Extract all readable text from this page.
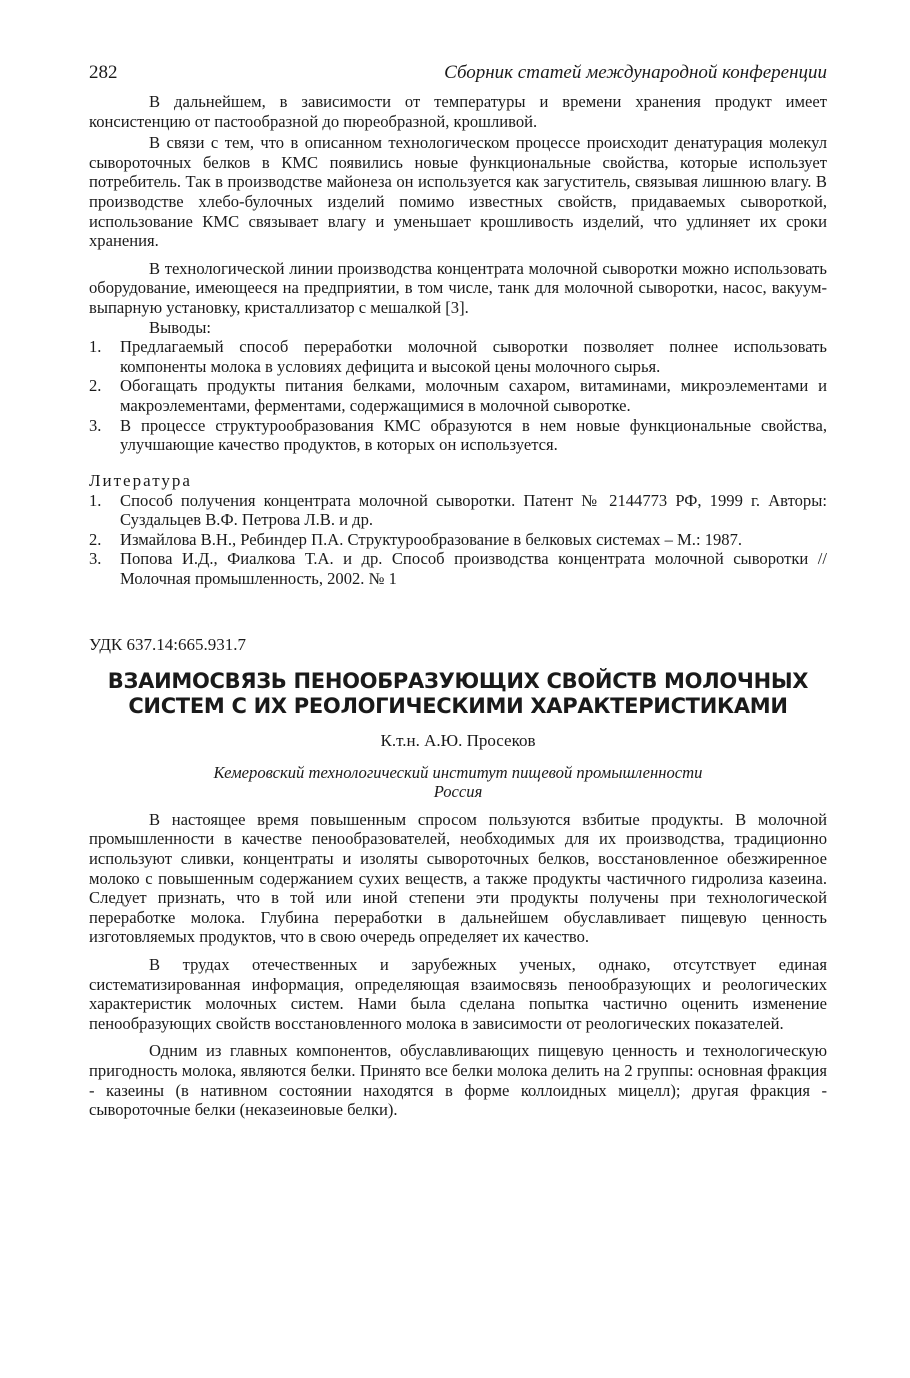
282	Сборник статей международной конференции

В дальнейшем, в зависимости от температуры и времени хранения продукт имеет консистенцию от пастообразной до пюреобразной, крошливой.

В связи с тем, что в описанном технологическом процессе происходит денатурация молекул сывороточных белков в КМС появились новые функциональные свойства, которые использует потребитель. Так в производстве майонеза он используется как загуститель, связывая лишнюю влагу. В производстве хлебо-булочных изделий помимо известных свойств, придаваемых сывороткой, использование КМС связывает влагу и уменьшает крошливость изделий, что удлиняет их сроки хранения.

В технологической линии производства концентрата молочной сыворотки можно использовать оборудование, имеющееся на предприятии, в том числе, танк для молочной сыворотки, насос, вакуум-выпарную установку, кристаллизатор с мешалкой [3].

Выводы:

1. Предлагаемый способ переработки молочной сыворотки позволяет полнее использовать компоненты молока в условиях дефицита и высокой цены молочного сырья.
2. Обогащать продукты питания белками, молочным сахаром, витаминами, микроэлементами и макроэлементами, ферментами, содержащимися в молочной сыворотке.
3. В процессе структурообразования КМС образуются в нем новые функциональные свойства, улучшающие качество продуктов, в которых он используется.
Литература
1. Способ получения концентрата молочной сыворотки. Патент № 2144773 РФ, 1999 г. Авторы: Суздальцев В.Ф. Петрова Л.В. и др.
2. Измайлова В.Н., Ребиндер П.А. Структурообразование в белковых системах – М.: 1987.
3. Попова И.Д., Фиалкова Т.А. и др. Способ производства концентрата молочной сыворотки // Молочная промышленность, 2002. № 1
УДК 637.14:665.931.7
ВЗАИМОСВЯЗЬ ПЕНООБРАЗУЮЩИХ СВОЙСТВ МОЛОЧНЫХ
СИСТЕМ С ИХ РЕОЛОГИЧЕСКИМИ ХАРАКТЕРИСТИКАМИ
К.т.н. А.Ю. Просеков
Кемеровский технологический институт пищевой промышленности
Россия

В настоящее время повышенным спросом пользуются взбитые продукты. В молочной промышленности в качестве пенообразователей, необходимых для их производства, традиционно используют сливки, концентраты и изоляты сывороточных белков, восстановленное обезжиренное молоко с повышенным содержанием сухих веществ, а также продукты частичного гидролиза казеина. Следует признать, что в той или иной степени эти продукты получены при технологической переработке молока. Глубина переработки в дальнейшем обуславливает пищевую ценность изготовляемых продуктов, что в свою очередь определяет их качество.

В трудах отечественных и зарубежных ученых, однако, отсутствует единая систематизированная информация, определяющая взаимосвязь пенообразующих и реологических характеристик молочных систем. Нами была сделана попытка частично оценить изменение пенообразующих свойств восстановленного молока в зависимости от реологических показателей.

Одним из главных компонентов, обуславливающих пищевую ценность и технологическую пригодность молока, являются белки. Принято все белки молока делить на 2 группы: основная фракция - казеины (в нативном состоянии находятся в форме коллоидных мицелл); другая фракция - сывороточные белки (неказеиновые белки).
